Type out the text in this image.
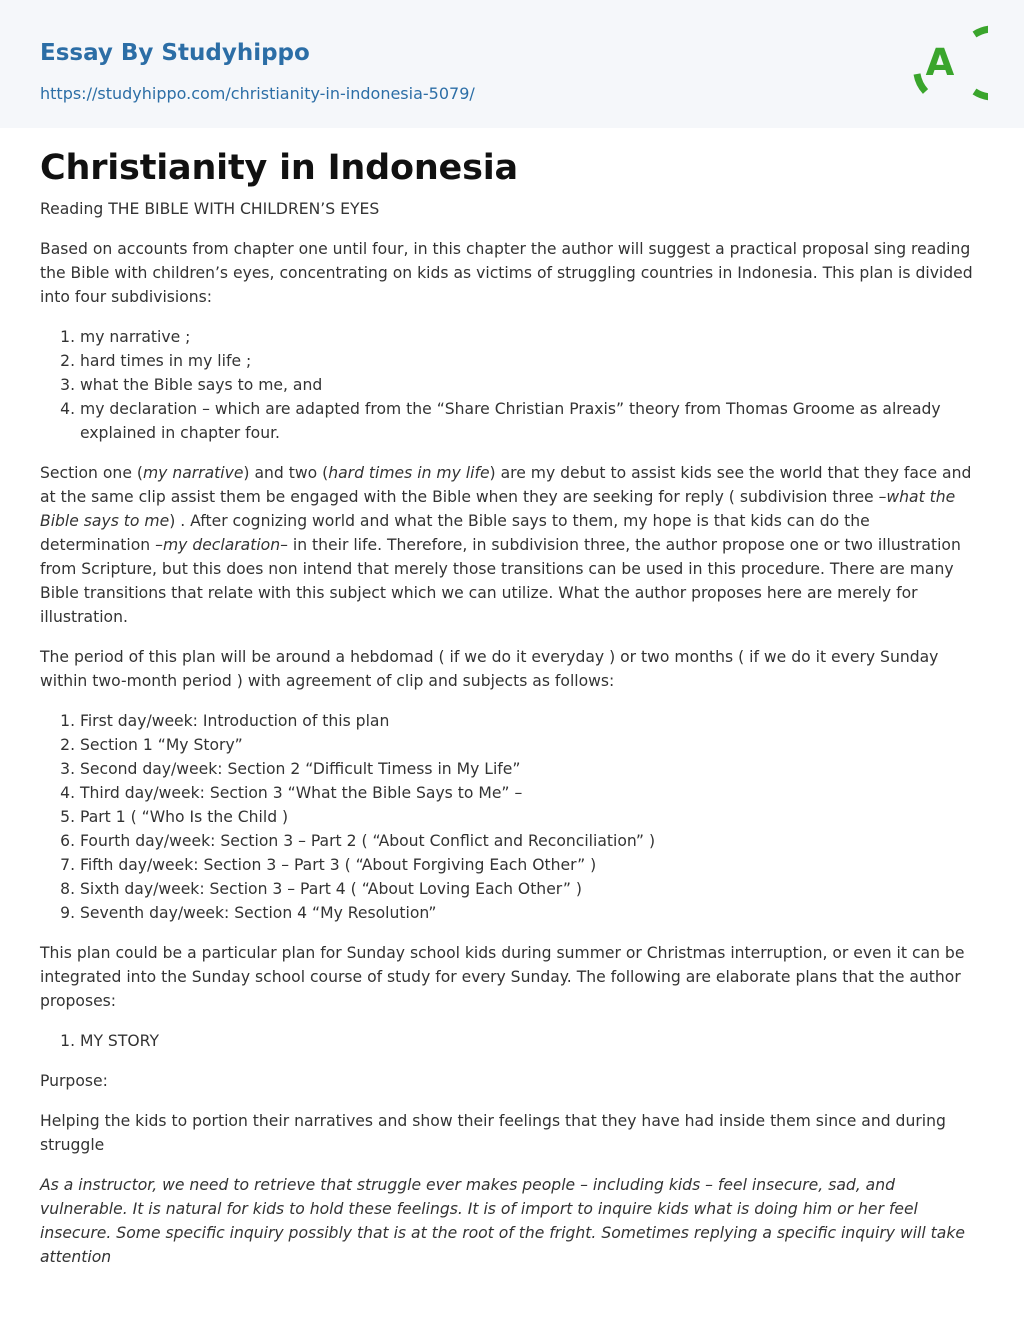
Essay By Studyhippo
https://studyhippo.com/christianity-in-indonesia-5079/
A
Christianity in Indonesia
Reading THE BIBLE WITH CHILDREN’S EYES

Based on accounts from chapter one until four, in this chapter the author will suggest a practical proposal sing reading the Bible with children’s eyes, concentrating on kids as victims of struggling countries in Indonesia. This plan is divided into four subdivisions:

1. my narrative ;
2. hard times in my life ;
3. what the Bible says to me, and
4. my declaration – which are adapted from the “Share Christian Praxis” theory from Thomas Groome as already explained in chapter four.

Section one (my narrative) and two (hard times in my life) are my debut to assist kids see the world that they face and at the same clip assist them be engaged with the Bible when they are seeking for reply ( subdivision three –what the Bible says to me) . After cognizing world and what the Bible says to them, my hope is that kids can do the determination –my declaration– in their life. Therefore, in subdivision three, the author propose one or two illustration from Scripture, but this does non intend that merely those transitions can be used in this procedure. There are many Bible transitions that relate with this subject which we can utilize. What the author proposes here are merely for illustration.

The period of this plan will be around a hebdomad ( if we do it everyday ) or two months ( if we do it every Sunday within two-month period ) with agreement of clip and subjects as follows:

1. First day/week: Introduction of this plan
2. Section 1 “My Story”
3. Second day/week: Section 2 “Difficult Timess in My Life”
4. Third day/week: Section 3 “What the Bible Says to Me” –
5. Part 1 ( “Who Is the Child )
6. Fourth day/week: Section 3 – Part 2 ( “About Conflict and Reconciliation” )
7. Fifth day/week: Section 3 – Part 3 ( “About Forgiving Each Other” )
8. Sixth day/week: Section 3 – Part 4 ( “About Loving Each Other” )
9. Seventh day/week: Section 4 “My Resolution”

This plan could be a particular plan for Sunday school kids during summer or Christmas interruption, or even it can be integrated into the Sunday school course of study for every Sunday. The following are elaborate plans that the author proposes:

1. MY STORY

Purpose:

Helping the kids to portion their narratives and show their feelings that they have had inside them since and during struggle

As a instructor, we need to retrieve that struggle ever makes people – including kids – feel insecure, sad, and vulnerable. It is natural for kids to hold these feelings. It is of import to inquire kids what is doing him or her feel insecure. Some specific inquiry possibly that is at the root of the fright. Sometimes replying a specific inquiry will take attention
